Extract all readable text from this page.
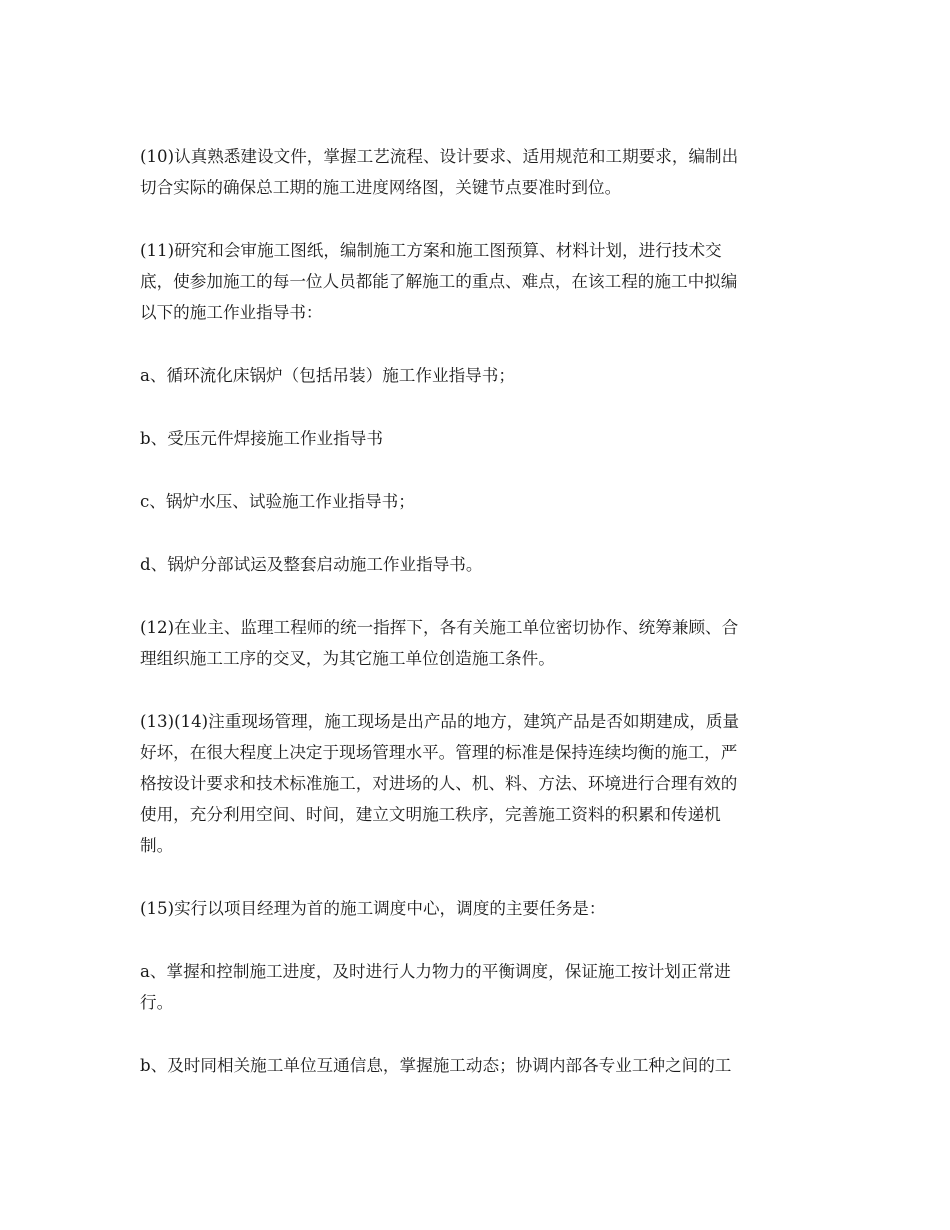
(10)认真熟悉建设文件，掌握工艺流程、设计要求、适用规范和工期要求，编制出
切合实际的确保总工期的施工进度网络图，关键节点要准时到位。

(11)研究和会审施工图纸，编制施工方案和施工图预算、材料计划，进行技术交
底，使参加施工的每一位人员都能了解施工的重点、难点，在该工程的施工中拟编
以下的施工作业指导书：

a、循环流化床锅炉（包括吊装）施工作业指导书；

b、受压元件焊接施工作业指导书

c、锅炉水压、试验施工作业指导书；

d、锅炉分部试运及整套启动施工作业指导书。

(12)在业主、监理工程师的统一指挥下，各有关施工单位密切协作、统筹兼顾、合
理组织施工工序的交叉，为其它施工单位创造施工条件。

(13)(14)注重现场管理，施工现场是出产品的地方，建筑产品是否如期建成，质量
好坏，在很大程度上决定于现场管理水平。管理的标准是保持连续均衡的施工，严
格按设计要求和技术标准施工，对进场的人、机、料、方法、环境进行合理有效的
使用，充分利用空间、时间，建立文明施工秩序，完善施工资料的积累和传递机
制。

(15)实行以项目经理为首的施工调度中心，调度的主要任务是：

a、掌握和控制施工进度，及时进行人力物力的平衡调度，保证施工按计划正常进
行。

b、及时同相关施工单位互通信息，掌握施工动态；协调内部各专业工种之间的工
